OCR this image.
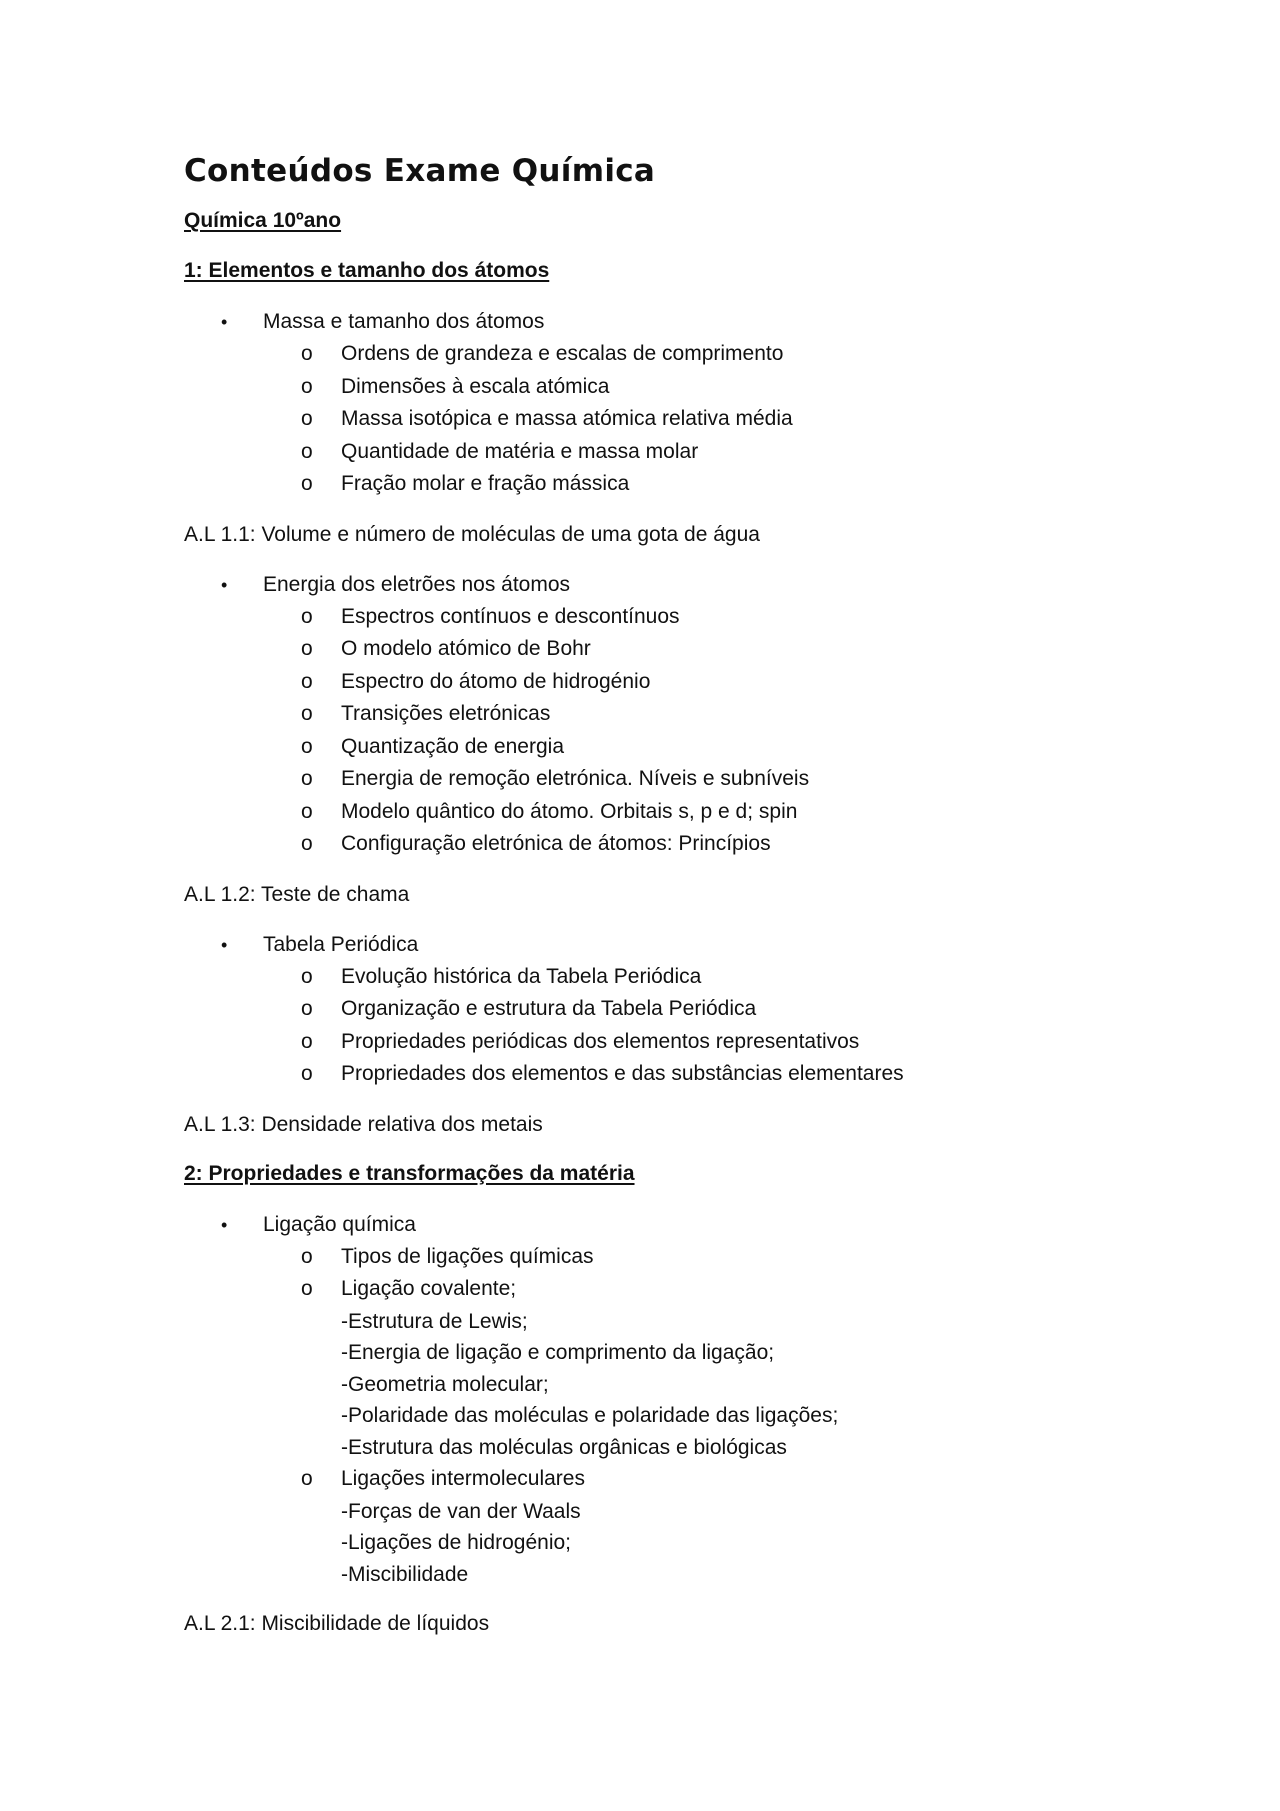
Conteúdos Exame Química
Química 10ºano
1: Elementos e tamanho dos átomos
• Massa e tamanho dos átomos
o Ordens de grandeza e escalas de comprimento
o Dimensões à escala atómica
o Massa isotópica e massa atómica relativa média
o Quantidade de matéria e massa molar
o Fração molar e fração mássica
A.L 1.1: Volume e número de moléculas de uma gota de água
• Energia dos eletrões nos átomos
o Espectros contínuos e descontínuos
o O modelo atómico de Bohr
o Espectro do átomo de hidrogénio
o Transições eletrónicas
o Quantização de energia
o Energia de remoção eletrónica. Níveis e subníveis
o Modelo quântico do átomo. Orbitais s, p e d; spin
o Configuração eletrónica de átomos: Princípios
A.L 1.2: Teste de chama
• Tabela Periódica
o Evolução histórica da Tabela Periódica
o Organização e estrutura da Tabela Periódica
o Propriedades periódicas dos elementos representativos
o Propriedades dos elementos e das substâncias elementares
A.L 1.3: Densidade relativa dos metais
2: Propriedades e transformações da matéria
• Ligação química
o Tipos de ligações químicas
o Ligação covalente;
-Estrutura de Lewis;
-Energia de ligação e comprimento da ligação;
-Geometria molecular;
-Polaridade das moléculas e polaridade das ligações;
-Estrutura das moléculas orgânicas e biológicas
o Ligações intermoleculares
-Forças de van der Waals
-Ligações de hidrogénio;
-Miscibilidade
A.L 2.1: Miscibilidade de líquidos
